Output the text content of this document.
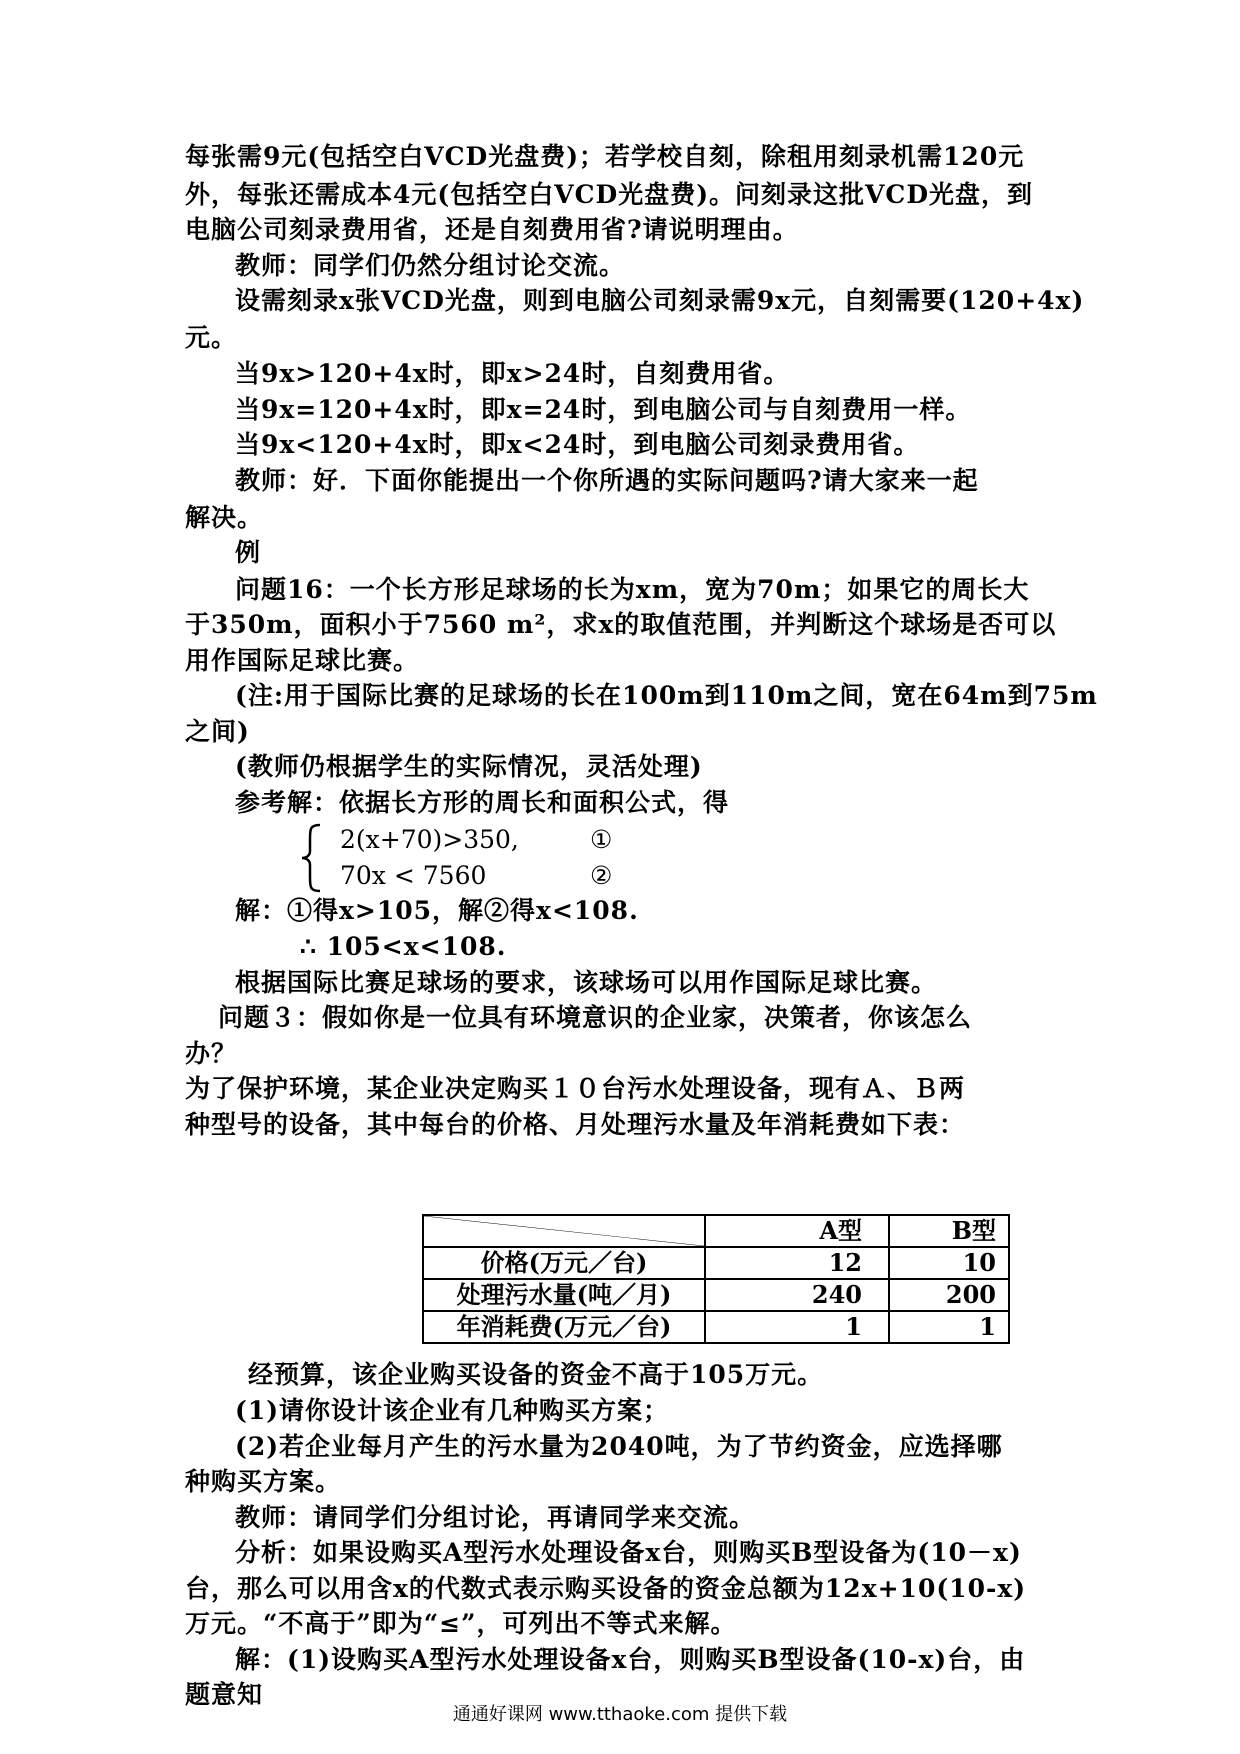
每张需9元(包括空白VCD光盘费)；若学校自刻，除租用刻录机需120元
外，每张还需成本4元(包括空白VCD光盘费)。问刻录这批VCD光盘，到
电脑公司刻录费用省，还是自刻费用省?请说明理由。
教师：同学们仍然分组讨论交流。
设需刻录x张VCD光盘，则到电脑公司刻录需9x元，自刻需要(120+4x)
元。
当9x>120+4x时，即x>24时，自刻费用省。
当9x=120+4x时，即x=24时，到电脑公司与自刻费用一样。
当9x<120+4x时，即x<24时，到电脑公司刻录费用省。
教师：好．下面你能提出一个你所遇的实际问题吗?请大家来一起
解决。
例
问题16：一个长方形足球场的长为xm，宽为70m；如果它的周长大
于350m，面积小于7560 m²，求x的取值范围，并判断这个球场是否可以
用作国际足球比赛。
(注:用于国际比赛的足球场的长在100m到110m之间，宽在64m到75m
之间)
(教师仍根据学生的实际情况，灵活处理)
参考解：依据长方形的周长和面积公式，得
2(x+70)>350,	①
70x < 7560	②
解：①得x>105，解②得x<108.
∴ 105<x<108.
根据国际比赛足球场的要求，该球场可以用作国际足球比赛。
问题３：假如你是一位具有环境意识的企业家，决策者，你该怎么
办？
为了保护环境，某企业决定购买１０台污水处理设备，现有Ａ、Ｂ两
种型号的设备，其中每台的价格、月处理污水量及年消耗费如下表：
	A型	B型
价格(万元／台)	12	10
处理污水量(吨／月)	240	200
年消耗费(万元／台)	1	1
经预算，该企业购买设备的资金不高于105万元。
(1)请你设计该企业有几种购买方案；
(2)若企业每月产生的污水量为2040吨，为了节约资金，应选择哪
种购买方案。
教师：请同学们分组讨论，再请同学来交流。
分析：如果设购买A型污水处理设备x台，则购买B型设备为(10－x)
台，那么可以用含x的代数式表示购买设备的资金总额为12x+10(10-x)
万元。“不高于”即为“≤”，可列出不等式来解。
解：(1)设购买A型污水处理设备x台，则购买B型设备(10-x)台，由
题意知
通通好课网 www.tthaoke.com 提供下载
